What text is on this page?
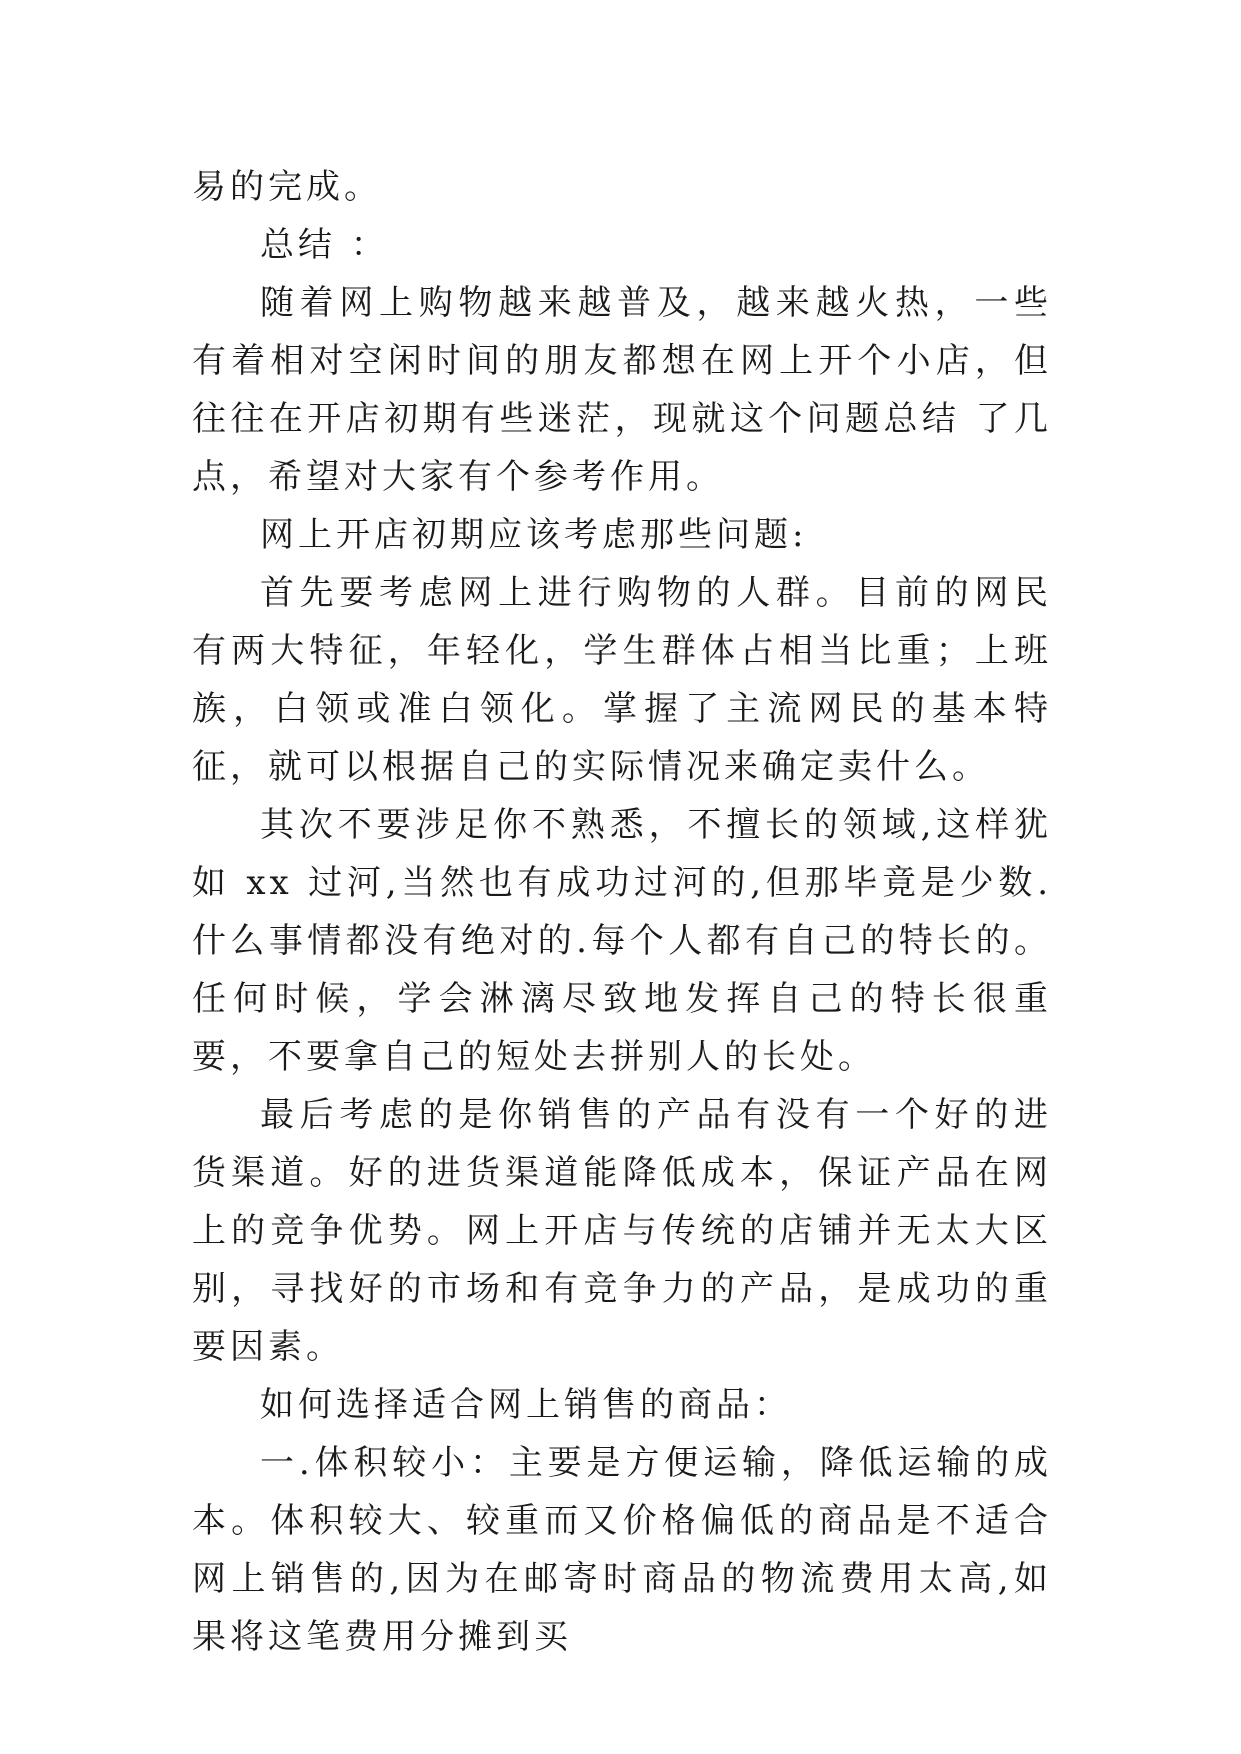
易的完成。

总结 ：

随着网上购物越来越普及，越来越火热，一些有着相对空闲时间的朋友都想在网上开个小店，但往往在开店初期有些迷茫，现就这个问题总结 了几点，希望对大家有个参考作用。

网上开店初期应该考虑那些问题:

首先要考虑网上进行购物的人群。目前的网民有两大特征，年轻化，学生群体占相当比重；上班族，白领或准白领化。掌握了主流网民的基本特征，就可以根据自己的实际情况来确定卖什么。

其次不要涉足你不熟悉，不擅长的领域,这样犹如 xx 过河,当然也有成功过河的,但那毕竟是少数.什么事情都没有绝对的.每个人都有自己的特长的。任何时候，学会淋漓尽致地发挥自己的特长很重要，不要拿自己的短处去拼别人的长处。

最后考虑的是你销售的产品有没有一个好的进货渠道。好的进货渠道能降低成本，保证产品在网上的竞争优势。网上开店与传统的店铺并无太大区别，寻找好的市场和有竞争力的产品，是成功的重要因素。

如何选择适合网上销售的商品：

一.体积较小：主要是方便运输，降低运输的成本。体积较大、较重而又价格偏低的商品是不适合网上销售的,因为在邮寄时商品的物流费用太高,如果将这笔费用分摊到买
